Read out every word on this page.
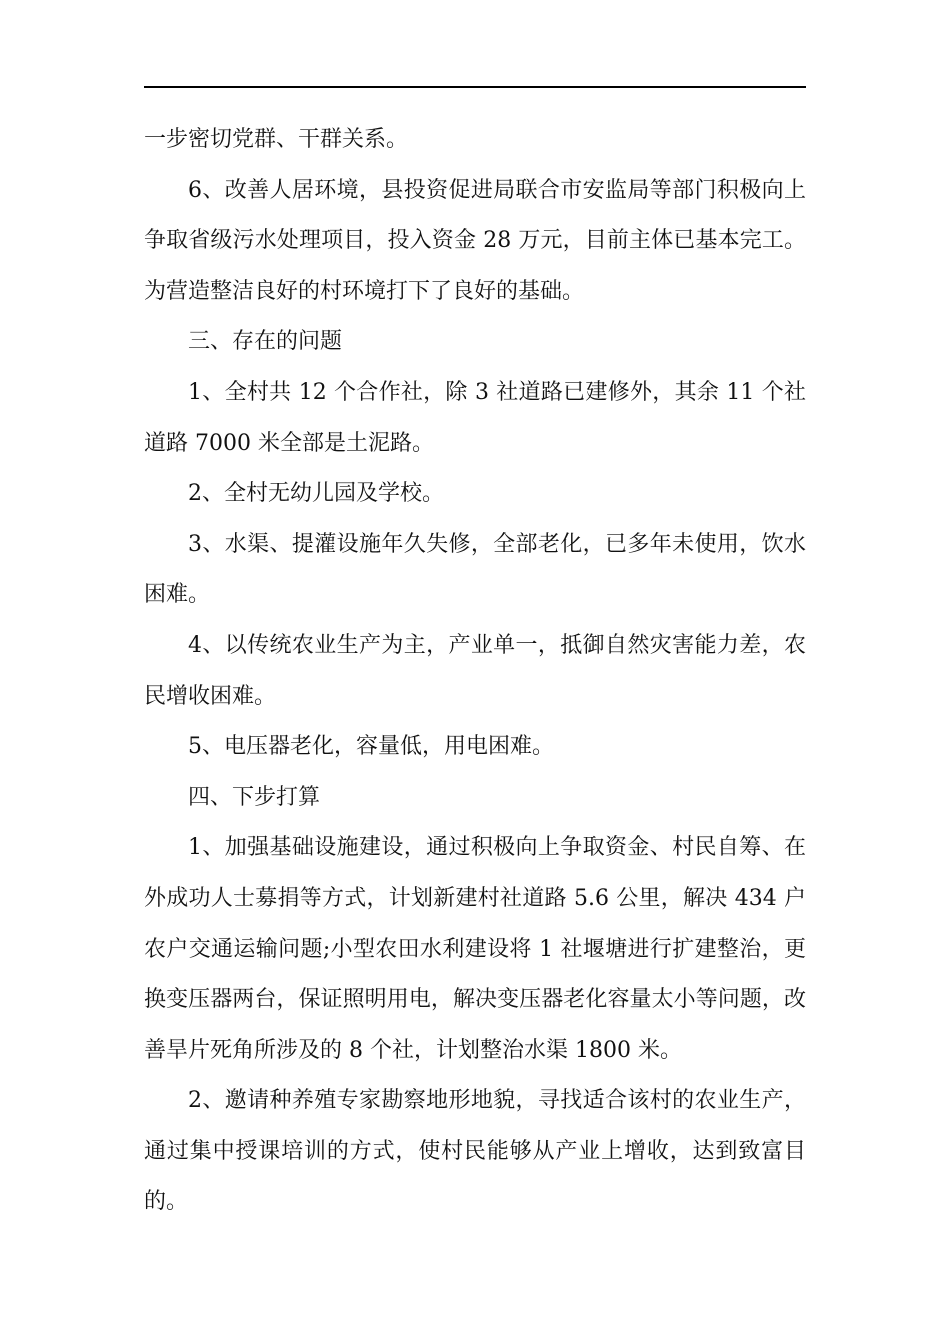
一步密切党群、干群关系。

6、改善人居环境，县投资促进局联合市安监局等部门积极向上争取省级污水处理项目，投入资金 28 万元，目前主体已基本完工。为营造整洁良好的村环境打下了良好的基础。

三、存在的问题

1、全村共 12 个合作社，除 3 社道路已建修外，其余 11 个社道路 7000 米全部是土泥路。

2、全村无幼儿园及学校。

3、水渠、提灌设施年久失修，全部老化，已多年未使用，饮水困难。

4、以传统农业生产为主，产业单一，抵御自然灾害能力差，农民增收困难。

5、电压器老化，容量低，用电困难。

四、下步打算

1、加强基础设施建设，通过积极向上争取资金、村民自筹、在外成功人士募捐等方式，计划新建村社道路 5.6 公里，解决 434 户农户交通运输问题;小型农田水利建设将 1 社堰塘进行扩建整治，更换变压器两台，保证照明用电，解决变压器老化容量太小等问题，改善旱片死角所涉及的 8 个社，计划整治水渠 1800 米。

2、邀请种养殖专家勘察地形地貌，寻找适合该村的农业生产，通过集中授课培训的方式，使村民能够从产业上增收，达到致富目的。
